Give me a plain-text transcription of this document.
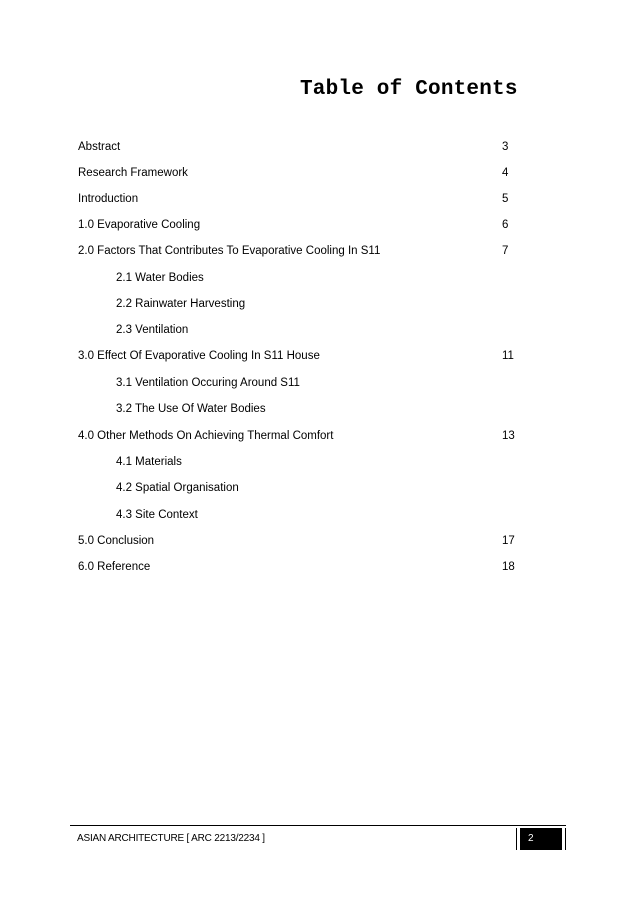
Table of Contents
Abstract	3
Research Framework	4
Introduction	5
1.0 Evaporative Cooling	6
2.0 Factors That Contributes To Evaporative Cooling In S11	7
2.1 Water Bodies
2.2 Rainwater Harvesting
2.3 Ventilation
3.0 Effect Of Evaporative Cooling In S11 House	11
3.1 Ventilation Occuring Around S11
3.2 The Use Of Water Bodies
4.0 Other Methods On Achieving Thermal Comfort	13
4.1 Materials
4.2 Spatial Organisation
4.3 Site Context
5.0 Conclusion	17
6.0 Reference	18
ASIAN ARCHITECTURE [ ARC 2213/2234 ]	2
